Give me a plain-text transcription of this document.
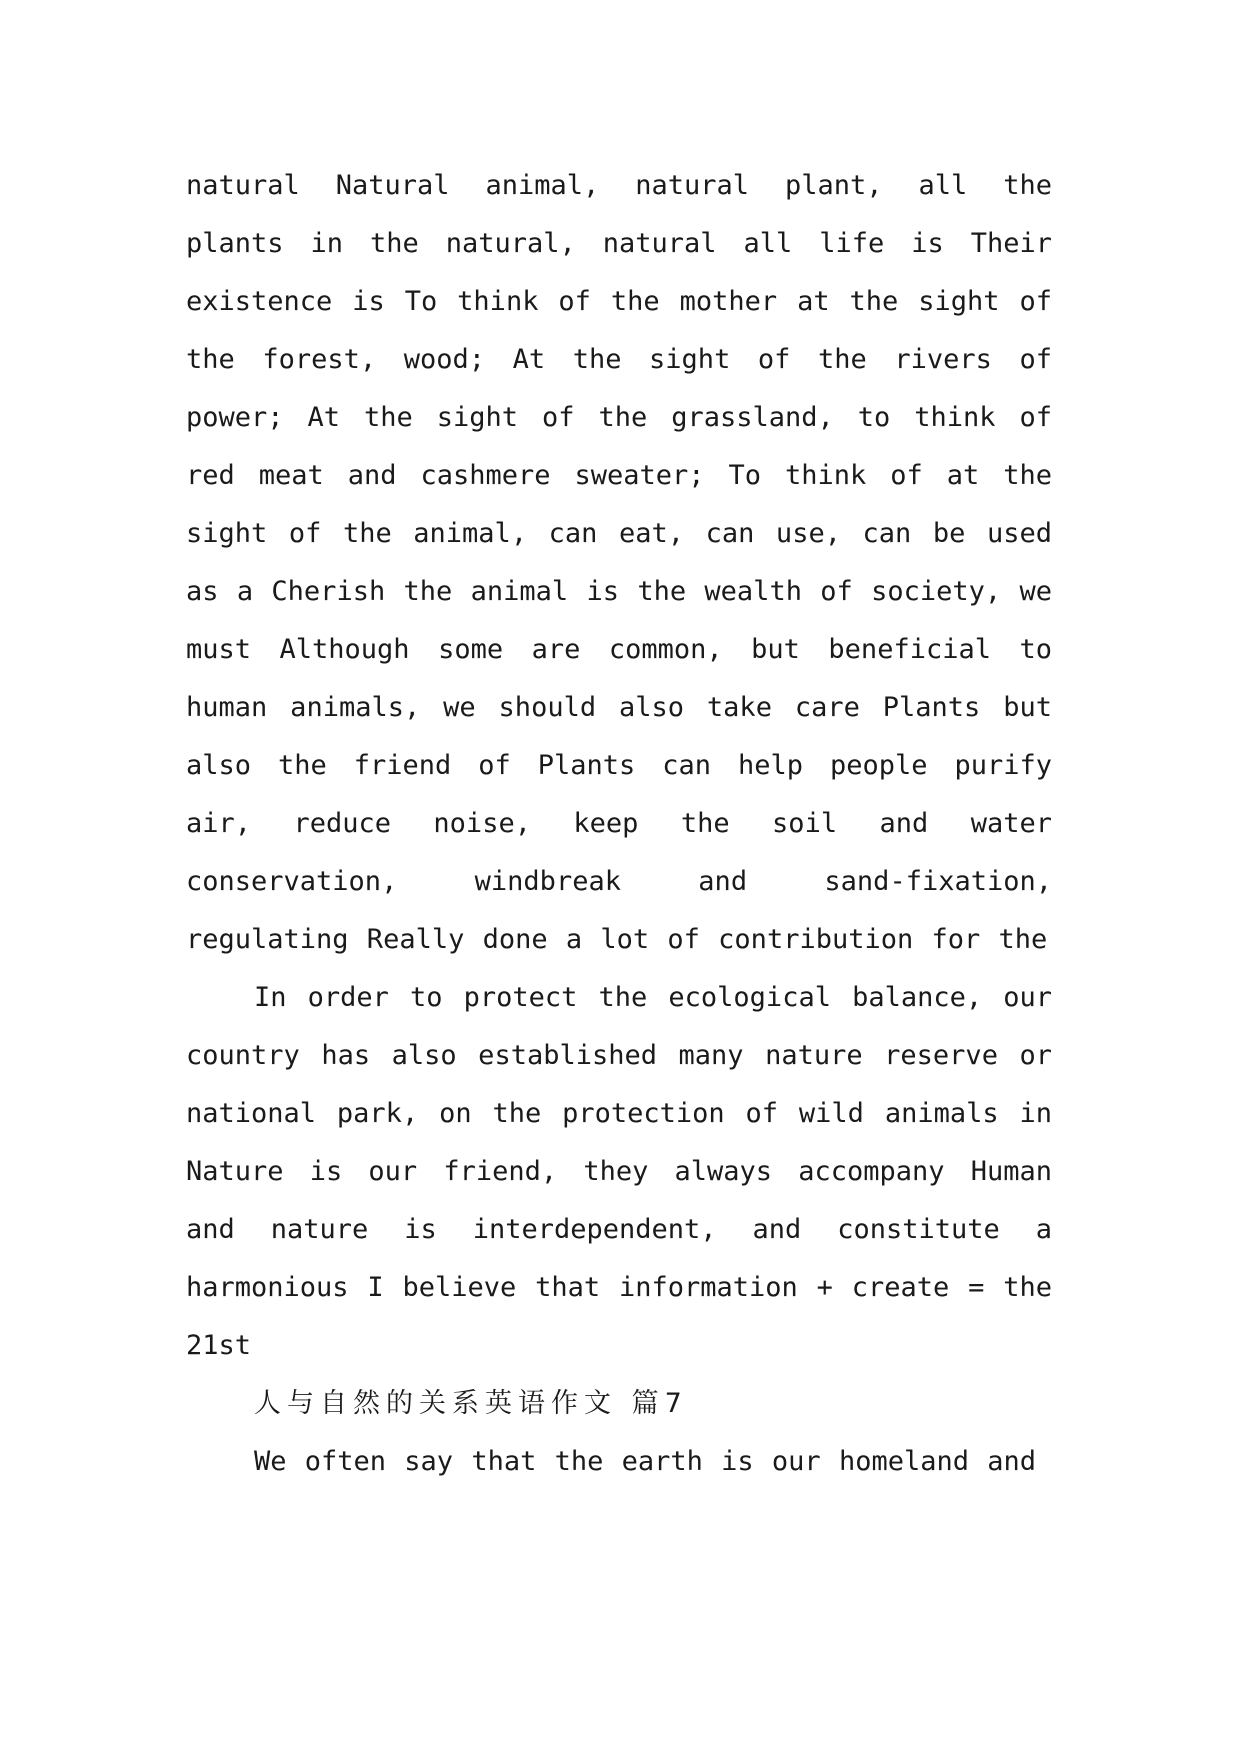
natural Natural animal, natural plant, all the plants in the natural, natural all life is Their existence is To think of the mother at the sight of the forest, wood; At the sight of the rivers of power; At the sight of the grassland, to think of red meat and cashmere sweater; To think of at the sight of the animal, can eat, can use, can be used as a Cherish the animal is the wealth of society, we must Although some are common, but beneficial to human animals, we should also take care Plants but also the friend of Plants can help people purify air, reduce noise, keep the soil and water conservation, windbreak and sand-fixation, regulating Really done a lot of contribution for the

In order to protect the ecological balance, our country has also established many nature reserve or national park, on the protection of wild animals in Nature is our friend, they always accompany Human and nature is interdependent, and constitute a harmonious I believe that information + create = the 21st

人与自然的关系英语作文 篇7

We often say that the earth is our homeland and
